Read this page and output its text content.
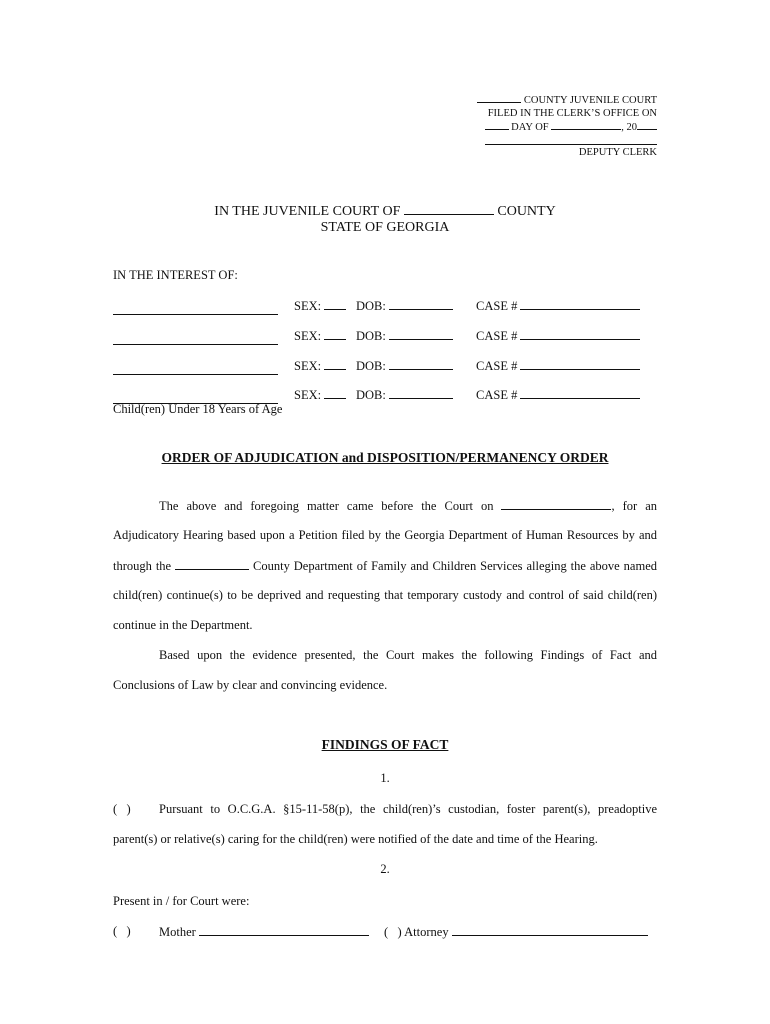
COUNTY JUVENILE COURT
FILED IN THE CLERK’S OFFICE ON
DAY OF	, 20
DEPUTY CLERK
IN THE JUVENILE COURT OF	COUNTY
STATE OF GEORGIA
IN THE INTEREST OF:
SEX:	DOB:	CASE #
SEX:	DOB:	CASE #
SEX:	DOB:	CASE #
SEX:	DOB:	CASE #
Child(ren) Under 18 Years of Age
ORDER OF ADJUDICATION and DISPOSITION/PERMANENCY ORDER
The above and foregoing matter came before the Court on	, for an
Adjudicatory Hearing based upon a Petition filed by the Georgia Department of Human Resources by and
through the	County Department of Family and Children Services alleging the above named
child(ren) continue(s) to be deprived and requesting that temporary custody and control of said child(ren)
continue in the Department.
Based upon the evidence presented, the Court makes the following Findings of Fact and
Conclusions of Law by clear and convincing evidence.
FINDINGS OF FACT
1.
(   ) Pursuant to O.C.G.A. §15-11-58(p), the child(ren)’s custodian, foster parent(s), preadoptive
parent(s) or relative(s) caring for the child(ren) were notified of the date and time of the Hearing.
2.
Present in / for Court were:
(   ) Mother	(   ) Attorney
